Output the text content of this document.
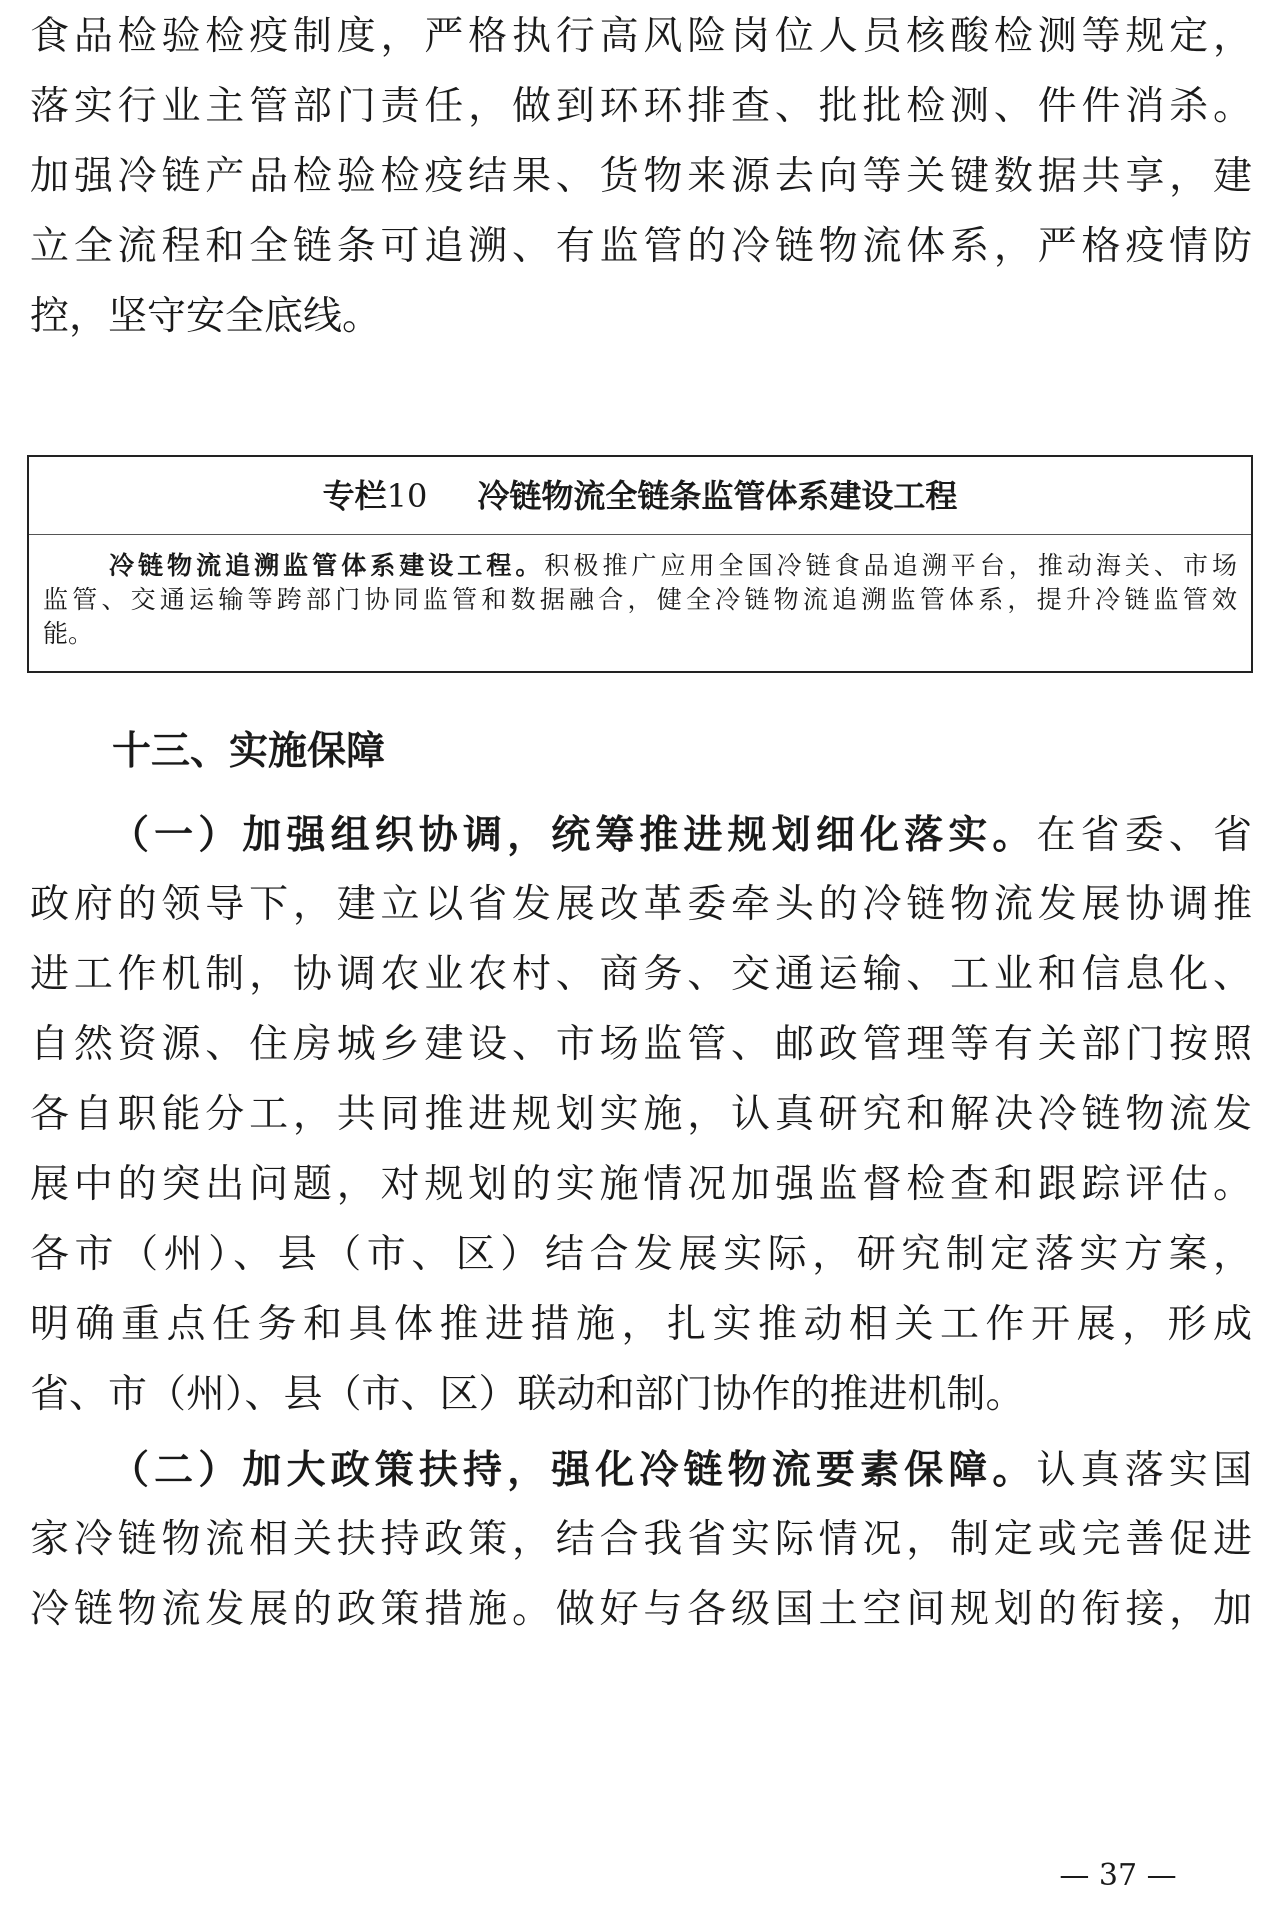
食品检验检疫制度，严格执行高风险岗位人员核酸检测等规定，
落实行业主管部门责任，做到环环排查、批批检测、件件消杀。
加强冷链产品检验检疫结果、货物来源去向等关键数据共享，建
立全流程和全链条可追溯、有监管的冷链物流体系，严格疫情防
控，坚守安全底线。
专栏10 冷链物流全链条监管体系建设工程
冷链物流追溯监管体系建设工程。积极推广应用全国冷链食品追溯平台，推动海关、市场
监管、交通运输等跨部门协同监管和数据融合，健全冷链物流追溯监管体系，提升冷链监管效
能。
十三、实施保障
（一）加强组织协调，统筹推进规划细化落实。在省委、省
政府的领导下，建立以省发展改革委牵头的冷链物流发展协调推
进工作机制，协调农业农村、商务、交通运输、工业和信息化、
自然资源、住房城乡建设、市场监管、邮政管理等有关部门按照
各自职能分工，共同推进规划实施，认真研究和解决冷链物流发
展中的突出问题，对规划的实施情况加强监督检查和跟踪评估。
各市（州）、县（市、区）结合发展实际，研究制定落实方案，
明确重点任务和具体推进措施，扎实推动相关工作开展，形成
省、市（州）、县（市、区）联动和部门协作的推进机制。
（二）加大政策扶持，强化冷链物流要素保障。认真落实国
家冷链物流相关扶持政策，结合我省实际情况，制定或完善促进
冷链物流发展的政策措施。做好与各级国土空间规划的衔接，加
— 37 —
